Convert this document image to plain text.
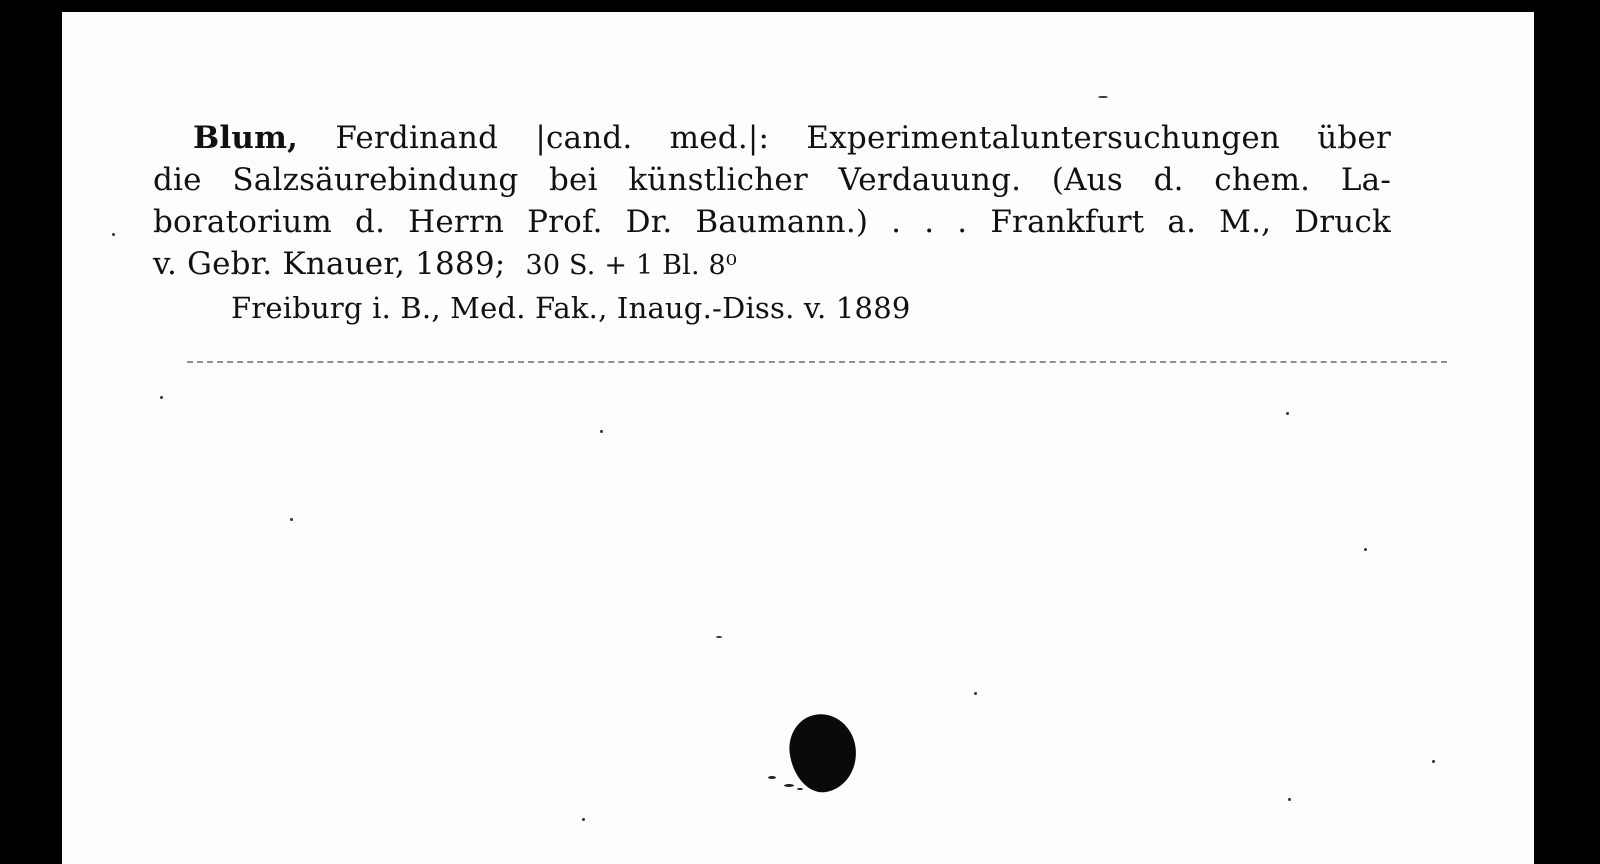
Blum, Ferdinand |cand. med.|: Experimentaluntersuchungen über
die Salzsäurebindung bei künstlicher Verdauung. (Aus d. chem. La-
boratorium d. Herrn Prof. Dr. Baumann.) . . . Frankfurt a. M., Druck
v. Gebr. Knauer, 1889; 30 S. + 1 Bl. 8⁰
Freiburg i. B., Med. Fak., Inaug.-Diss. v. 1889
